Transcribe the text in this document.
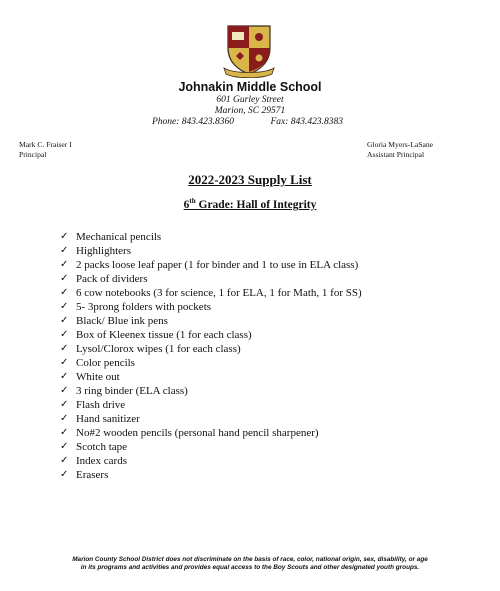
Johnakin Middle School
601 Gurley Street
Marion, SC 29571
Phone: 843.423.8360	Fax: 843.423.8383
Mark C. Fraiser I
Principal
Gloria Myers-LaSane
Assistant Principal
2022-2023 Supply List
6th Grade: Hall of Integrity
✓ Mechanical pencils
✓ Highlighters
✓ 2 packs loose leaf paper (1 for binder and 1 to use in ELA class)
✓ Pack of dividers
✓ 6 cow notebooks (3 for science, 1 for ELA, 1 for Math, 1 for SS)
✓ 5- 3prong folders with pockets
✓ Black/ Blue ink pens
✓ Box of Kleenex tissue (1 for each class)
✓ Lysol/Clorox wipes (1 for each class)
✓ Color pencils
✓ White out
✓ 3 ring binder (ELA class)
✓ Flash drive
✓ Hand sanitizer
✓ No#2 wooden pencils (personal hand pencil sharpener)
✓ Scotch tape
✓ Index cards
✓ Erasers
Marion County School District does not discriminate on the basis of race, color, national origin, sex, disability, or age
in its programs and activities and provides equal access to the Boy Scouts and other designated youth groups.
